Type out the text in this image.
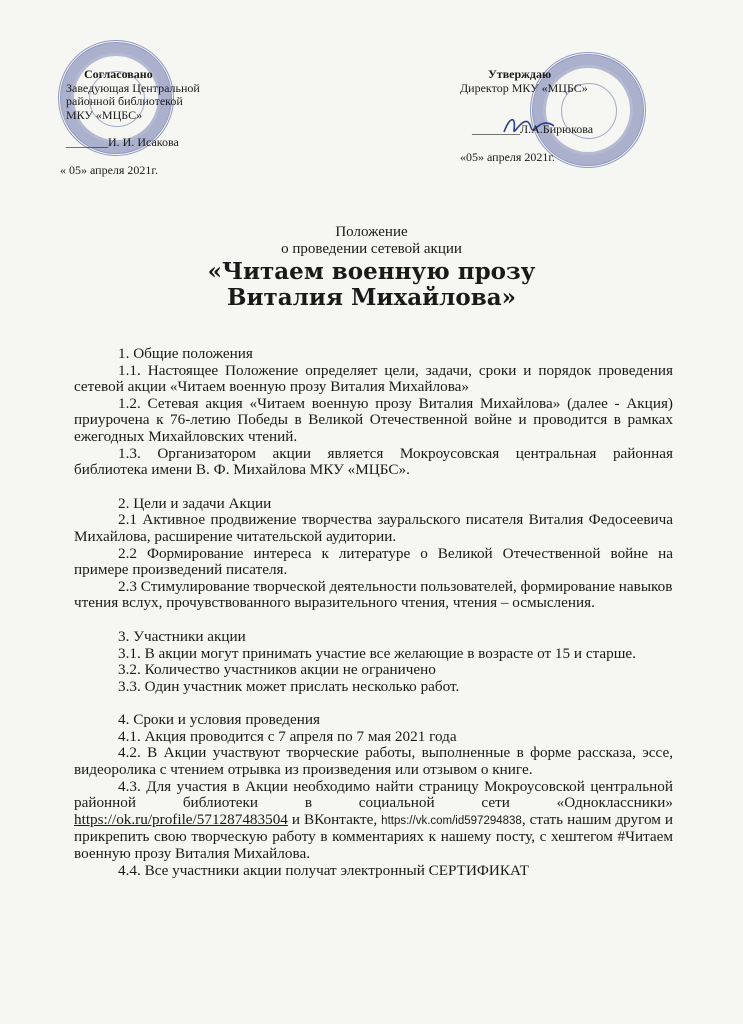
Согласовано
Заведующая Центральной
районной библиотекой
МКУ «МЦБС»
_______И. И. Исакова
« 05» апреля 2021г.
Утверждаю
Директор МКУ «МЦБС»
________Л.А.Бирюкова
«05» апреля 2021г.
Положение
о проведении сетевой акции
«Читаем военную прозу
Виталия Михайлова»

1. Общие положения

1.1. Настоящее Положение определяет цели, задачи, сроки и порядок проведения сетевой акции «Читаем военную прозу Виталия Михайлова»

1.2. Сетевая акция «Читаем военную прозу Виталия Михайлова» (далее - Акция) приурочена к 76-летию Победы в Великой Отечественной войне и проводится в рамках ежегодных Михайловских чтений.

1.3. Организатором акции является Мокроусовская центральная районная библиотека имени В. Ф. Михайлова МКУ «МЦБС».

2. Цели и задачи Акции

2.1 Активное продвижение творчества зауральского писателя Виталия Федосеевича Михайлова, расширение читательской аудитории.

2.2 Формирование интереса к литературе о Великой Отечественной войне на примере произведений писателя.

2.3 Стимулирование творческой деятельности пользователей, формирование навыков чтения вслух, прочувствованного выразительного чтения, чтения – осмысления.

3. Участники акции

3.1. В акции могут принимать участие все желающие в возрасте от 15 и старше.

3.2. Количество участников акции не ограничено

3.3. Один участник может прислать несколько работ.

4. Сроки и условия проведения

4.1. Акция проводится с 7 апреля по 7 мая 2021 года

4.2. В Акции участвуют творческие работы, выполненные в форме рассказа, эссе, видеоролика с чтением отрывка из произведения или отзывом о книге.

4.3. Для участия в Акции необходимо найти страницу Мокроусовской центральной районной библиотеки в социальной сети «Одноклассники» https://ok.ru/profile/571287483504 и ВКонтакте, https://vk.com/id597294838, стать нашим другом и прикрепить свою творческую работу в комментариях к нашему посту, с хештегом #Читаем военную прозу Виталия Михайлова.

4.4. Все участники акции получат электронный СЕРТИФИКАТ
